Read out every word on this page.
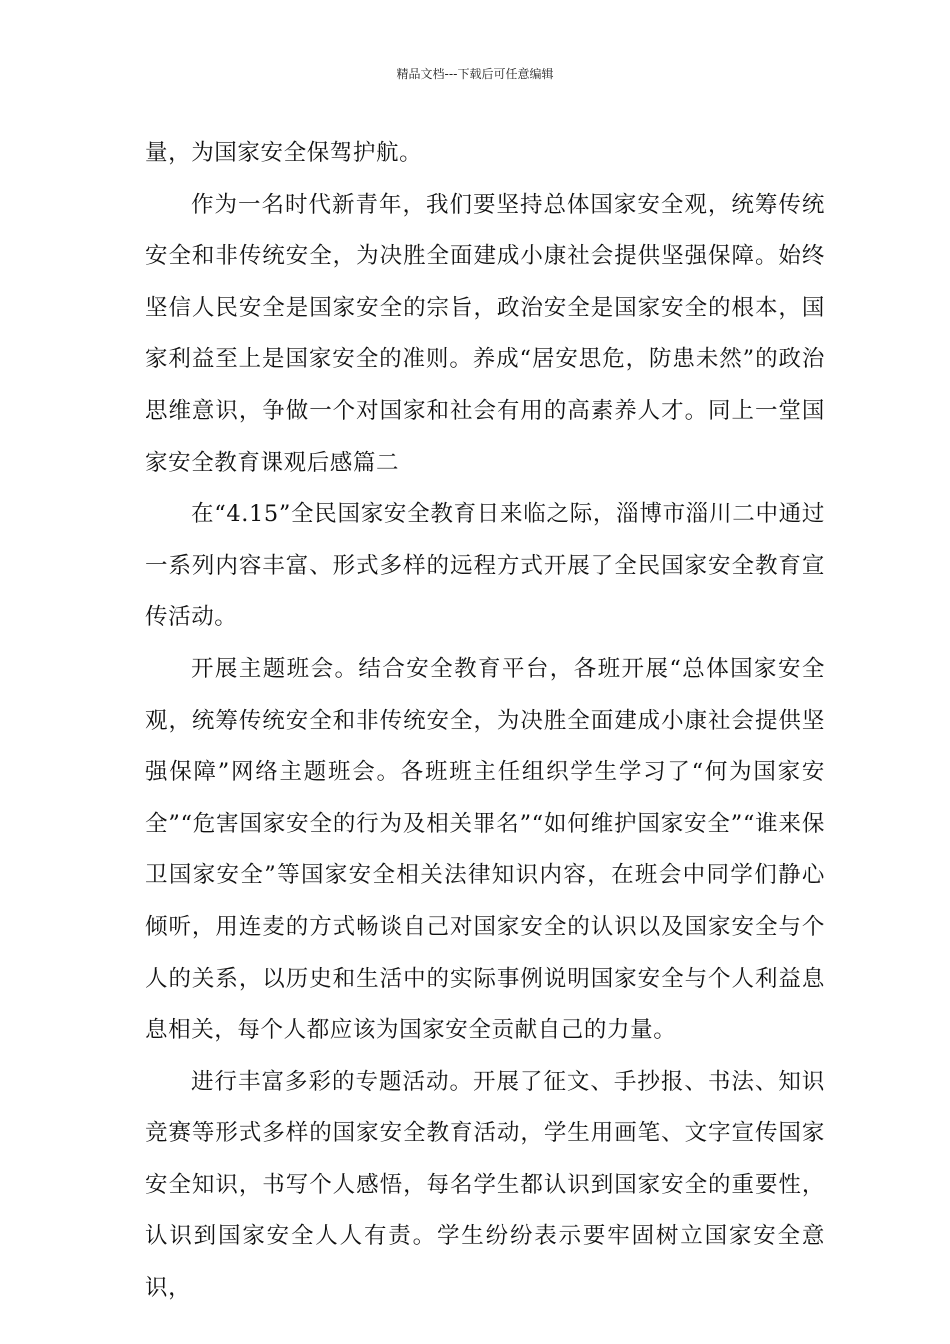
精品文档---下载后可任意编辑

量，为国家安全保驾护航。

作为一名时代新青年，我们要坚持总体国家安全观，统筹传统安全和非传统安全，为决胜全面建成小康社会提供坚强保障。始终坚信人民安全是国家安全的宗旨，政治安全是国家安全的根本，国家利益至上是国家安全的准则。养成“居安思危，防患未然”的政治思维意识，争做一个对国家和社会有用的高素养人才。同上一堂国家安全教育课观后感篇二

在“4.15”全民国家安全教育日来临之际，淄博市淄川二中通过一系列内容丰富、形式多样的远程方式开展了全民国家安全教育宣传活动。

开展主题班会。结合安全教育平台，各班开展“总体国家安全观，统筹传统安全和非传统安全，为决胜全面建成小康社会提供坚强保障”网络主题班会。各班班主任组织学生学习了“何为国家安全”“危害国家安全的行为及相关罪名”“如何维护国家安全”“谁来保卫国家安全”等国家安全相关法律知识内容，在班会中同学们静心倾听，用连麦的方式畅谈自己对国家安全的认识以及国家安全与个人的关系，以历史和生活中的实际事例说明国家安全与个人利益息息相关，每个人都应该为国家安全贡献自己的力量。

进行丰富多彩的专题活动。开展了征文、手抄报、书法、知识竞赛等形式多样的国家安全教育活动，学生用画笔、文字宣传国家安全知识，书写个人感悟，每名学生都认识到国家安全的重要性，认识到国家安全人人有责。学生纷纷表示要牢固树立国家安全意识，
